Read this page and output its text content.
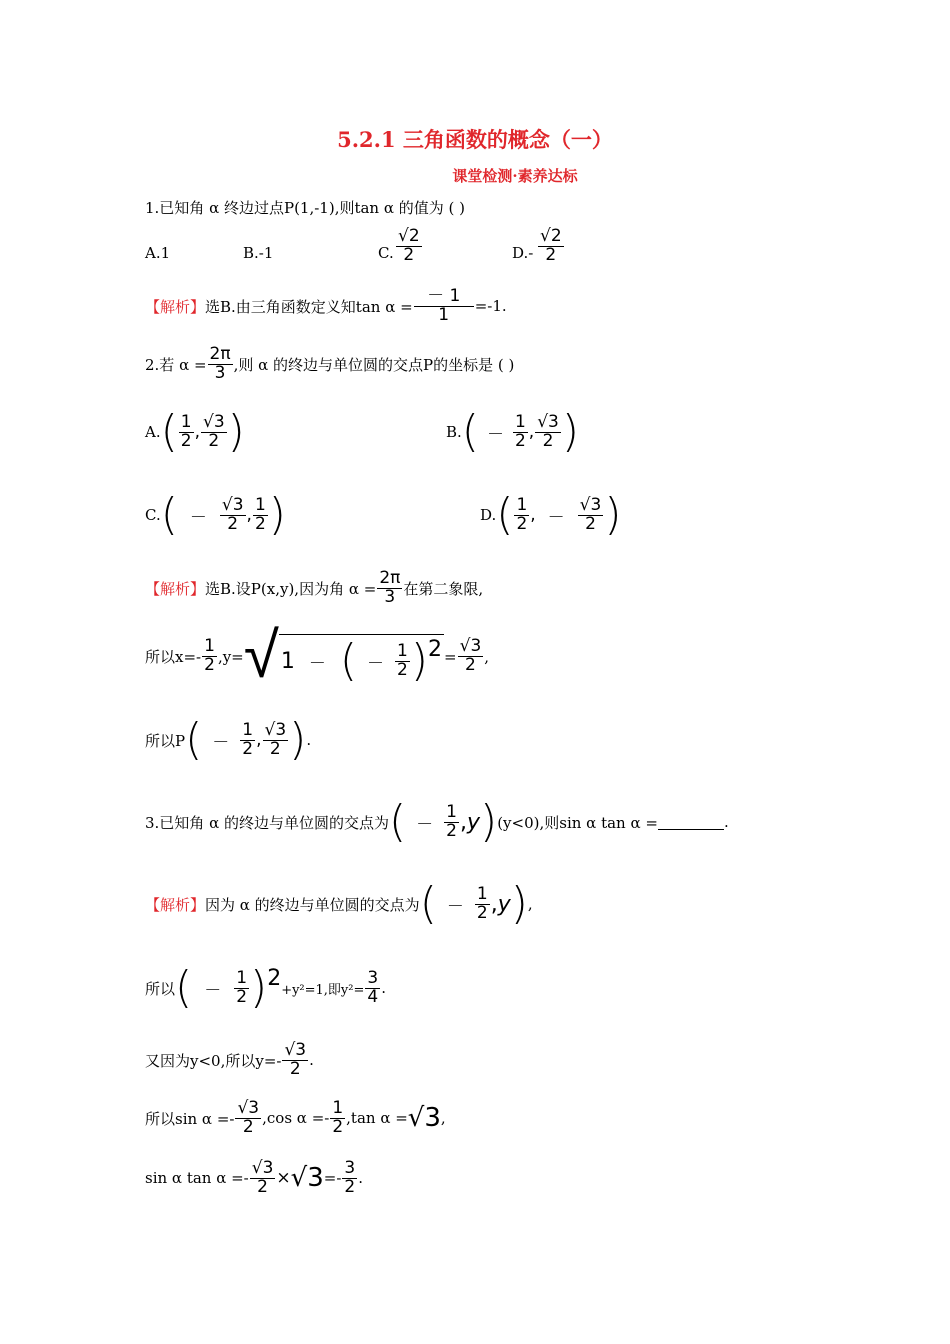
5.2.1 三角函数的概念（一）
课堂检测·素养达标
1.已知角 α 终边过点P(1,-1),则tan α 的值为 ( )
A.1	B.-1	C. $\frac{√2}{2}$	$D.- \frac{√2}{2}$
【解析】 选B.由三角函数定义知$\tan \alpha = \frac{- 1}{1} =-1$.
2.若 $\alpha = \frac{2\pi}{3}$ ,则 α 的终边与单位圆的交点P的坐标是 ( )
A. ( $\frac{1}{2}$ , $\frac{√3}{2}$ )	B. ( － $\frac{1}{2}$ , $\frac{√3}{2}$ )
C. ( － $\frac{√3}{2}$ , $\frac{1}{2}$ )	D. ( $\frac{1}{2}$ , － $\frac{√3}{2}$ )
【解析】 选B.设P(x,y),因为角 $\alpha = \frac{2\pi}{3}$ 在第二象限,
所以$x=- \frac{1}{2} ,y=$ √ 1 － ( － $\frac{1}{2}$ ) $2 = \frac{√3}{2}$ ,
所以P ( － $\frac{1}{2}$ , $\frac{√3}{2}$ ) .
3.已知角 α 的终边与单位圆的交点为 ( － $\frac{1}{2}$ , y ) (y<0),则sin α tan α =	.
【解析】 因为 α 的终边与单位圆的交点为 ( － $\frac{1}{2}$ , y ) ,
所以 ( － $\frac{1}{2}$ ) 2 +y²=1,即$y^2= \frac{3}{4}$ .
又因为y<0,所以$y=- \frac{√3}{2}$ .
所以$\sin \alpha =- \frac{√3}{2} ,\cos$ $\alpha =- \frac{1}{2} ,\tan$ α = √3 ,
sin α $\tan \alpha =- \frac{√3}{2} \times √3 =- \frac{3}{2}$ .
